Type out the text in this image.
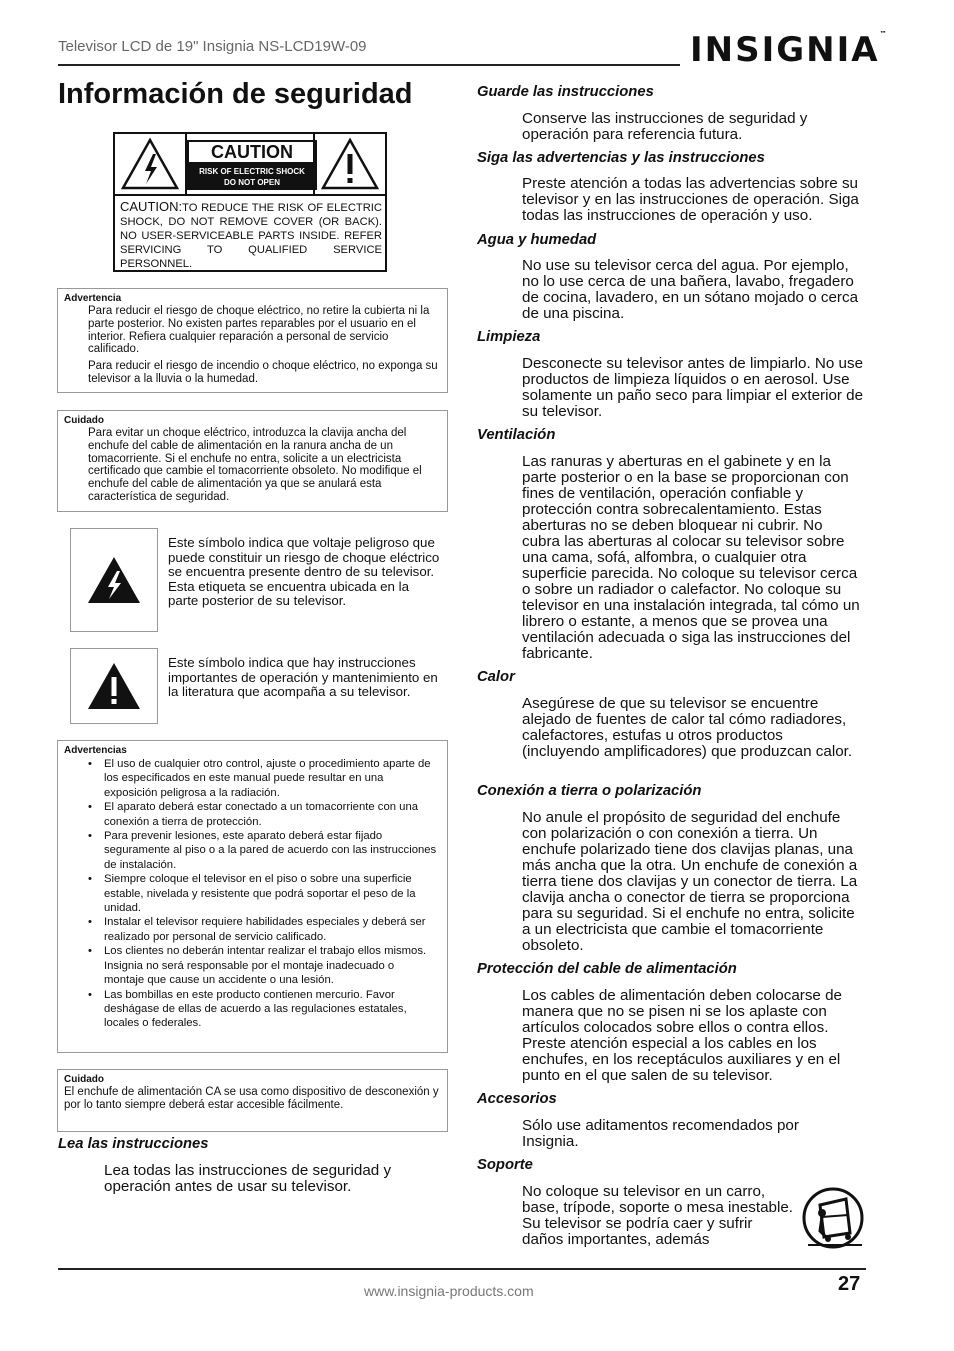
Televisor LCD de 19" Insignia NS-LCD19W-09	INSIGNIA™
Información de seguridad
CAUTION
RISK OF ELECTRIC SHOCK
DO NOT OPEN
CAUTION:TO REDUCE THE RISK OF ELECTRIC SHOCK, DO NOT REMOVE COVER (OR BACK). NO USER-SERVICEABLE PARTS INSIDE. REFER SERVICING TO QUALIFIED SERVICE PERSONNEL.
Advertencia

Para reducir el riesgo de choque eléctrico, no retire la cubierta ni la parte posterior. No existen partes reparables por el usuario en el interior. Refiera cualquier reparación a personal de servicio calificado.

Para reducir el riesgo de incendio o choque eléctrico, no exponga su televisor a la lluvia o la humedad.

Cuidado

Para evitar un choque eléctrico, introduzca la clavija ancha del enchufe del cable de alimentación en la ranura ancha de un tomacorriente. Si el enchufe no entra, solicite a un electricista certificado que cambie el tomacorriente obsoleto. No modifique el enchufe del cable de alimentación ya que se anulará esta característica de seguridad.

Este símbolo indica que voltaje peligroso que puede constituir un riesgo de choque eléctrico se encuentra presente dentro de su televisor. Esta etiqueta se encuentra ubicada en la parte posterior de su televisor.
Este símbolo indica que hay instrucciones importantes de operación y mantenimiento en la literatura que acompaña a su televisor.
Advertencias
• El uso de cualquier otro control, ajuste o procedimiento aparte de los especificados en este manual puede resultar en una exposición peligrosa a la radiación.
• El aparato deberá estar conectado a un tomacorriente con una conexión a tierra de protección.
• Para prevenir lesiones, este aparato deberá estar fijado seguramente al piso o a la pared de acuerdo con las instrucciones de instalación.
• Siempre coloque el televisor en el piso o sobre una superficie estable, nivelada y resistente que podrá soportar el peso de la unidad.
• Instalar el televisor requiere habilidades especiales y deberá ser realizado por personal de servicio calificado.
• Los clientes no deberán intentar realizar el trabajo ellos mismos. Insignia no será responsable por el montaje inadecuado o montaje que cause un accidente o una lesión.
• Las bombillas en este producto contienen mercurio. Favor deshágase de ellas de acuerdo a las regulaciones estatales, locales o federales.
Cuidado

El enchufe de alimentación CA se usa como dispositivo de desconexión y por lo tanto siempre deberá estar accesible fácilmente.

Lea las instrucciones
Lea todas las instrucciones de seguridad y operación antes de usar su televisor.
Guarde las instrucciones
Conserve las instrucciones de seguridad y operación para referencia futura.
Siga las advertencias y las instrucciones
Preste atención a todas las advertencias sobre su televisor y en las instrucciones de operación. Siga todas las instrucciones de operación y uso.
Agua y humedad
No use su televisor cerca del agua. Por ejemplo, no lo use cerca de una bañera, lavabo, fregadero de cocina, lavadero, en un sótano mojado o cerca de una piscina.
Limpieza
Desconecte su televisor antes de limpiarlo. No use productos de limpieza líquidos o en aerosol. Use solamente un paño seco para limpiar el exterior de su televisor.
Ventilación
Las ranuras y aberturas en el gabinete y en la parte posterior o en la base se proporcionan con fines de ventilación, operación confiable y protección contra sobrecalentamiento. Estas aberturas no se deben bloquear ni cubrir. No cubra las aberturas al colocar su televisor sobre una cama, sofá, alfombra, o cualquier otra superficie parecida. No coloque su televisor cerca o sobre un radiador o calefactor. No coloque su televisor en una instalación integrada, tal cómo un librero o estante, a menos que se provea una ventilación adecuada o siga las instrucciones del fabricante.
Calor
Asegúrese de que su televisor se encuentre alejado de fuentes de calor tal cómo radiadores, calefactores, estufas u otros productos (incluyendo amplificadores) que produzcan calor.
Conexión a tierra o polarización
No anule el propósito de seguridad del enchufe con polarización o con conexión a tierra. Un enchufe polarizado tiene dos clavijas planas, una más ancha que la otra. Un enchufe de conexión a tierra tiene dos clavijas y un conector de tierra. La clavija ancha o conector de tierra se proporciona para su seguridad. Si el enchufe no entra, solicite a un electricista que cambie el tomacorriente obsoleto.
Protección del cable de alimentación
Los cables de alimentación deben colocarse de manera que no se pisen ni se los aplaste con artículos colocados sobre ellos o contra ellos. Preste atención especial a los cables en los enchufes, en los receptáculos auxiliares y en el punto en el que salen de su televisor.
Accesorios
Sólo use aditamentos recomendados por Insignia.
Soporte
No coloque su televisor en un carro, base, trípode, soporte o mesa inestable. Su televisor se podría caer y sufrir daños importantes, además
www.insignia-products.com	27
